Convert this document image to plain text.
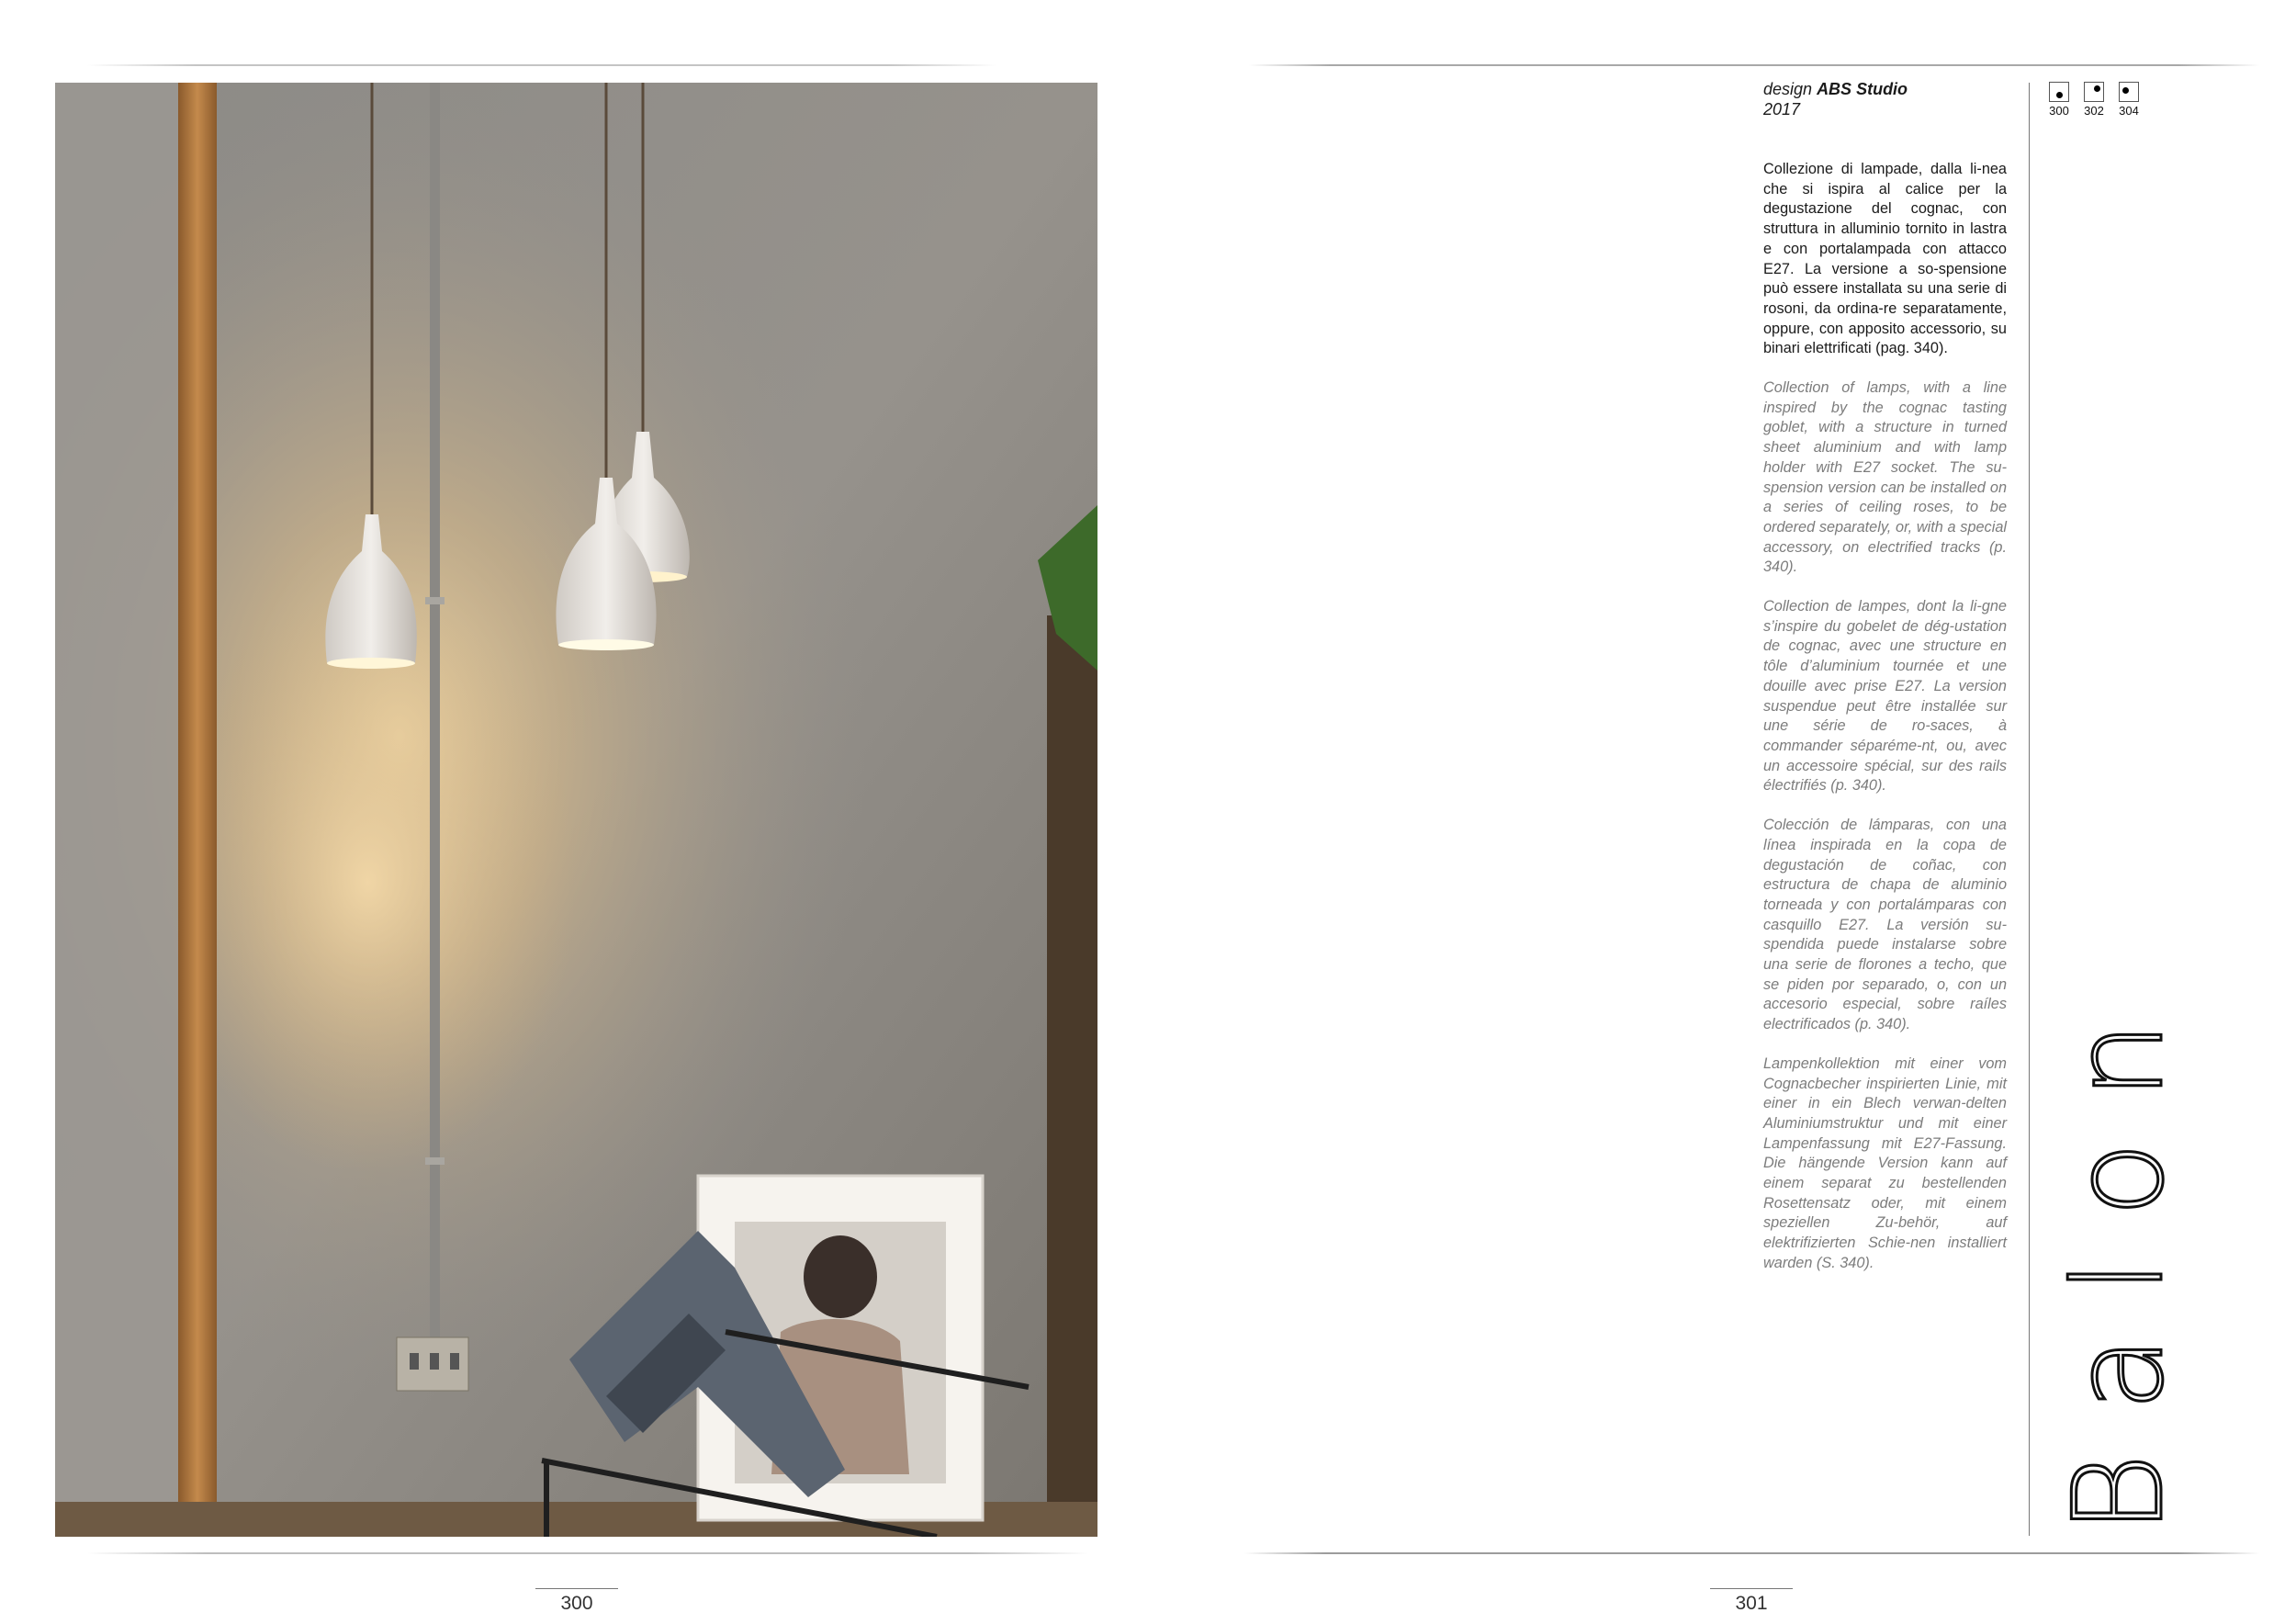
design ABS Studio
2017

Collezione di lampade, dalla li-nea che si ispira al calice per la degustazione del cognac, con struttura in alluminio tornito in lastra e con portalampada con attacco E27. La versione a so-spensione può essere installata su una serie di rosoni, da ordina-re separatamente, oppure, con apposito accessorio, su binari elettrificati (pag. 340).

Collection of lamps, with a line inspired by the cognac tasting goblet, with a structure in turned sheet aluminium and with lamp holder with E27 socket. The su-spension version can be installed on a series of ceiling roses, to be ordered separately, or, with a special accessory, on electrified tracks (p. 340).

Collection de lampes, dont la li-gne s’inspire du gobelet de dég-ustation de cognac, avec une structure en tôle d’aluminium tournée et une douille avec prise E27. La version suspendue peut être installée sur une série de ro-saces, à commander séparéme-nt, ou, avec un accessoire spécial, sur des rails électrifiés (p. 340).

Colección de lámparas, con una línea inspirada en la copa de degustación de coñac, con estructura de chapa de aluminio torneada y con portalámparas con casquillo E27. La versión su-spendida puede instalarse sobre una serie de florones a techo, que se piden por separado, o, con un accesorio especial, sobre raíles electrificados (p. 340).

Lampenkollektion mit einer vom Cognacbecher inspirierten Linie, mit einer in ein Blech verwan-delten Aluminiumstruktur und mit einer Lampenfassung mit E27-Fassung. Die hängende Version kann auf einem separat zu bestellenden Rosettensatz oder, mit einem speziellen Zu-behör, auf elektrifizierten Schie-nen installiert warden (S. 340).

300 302 304
Balon
300	301
